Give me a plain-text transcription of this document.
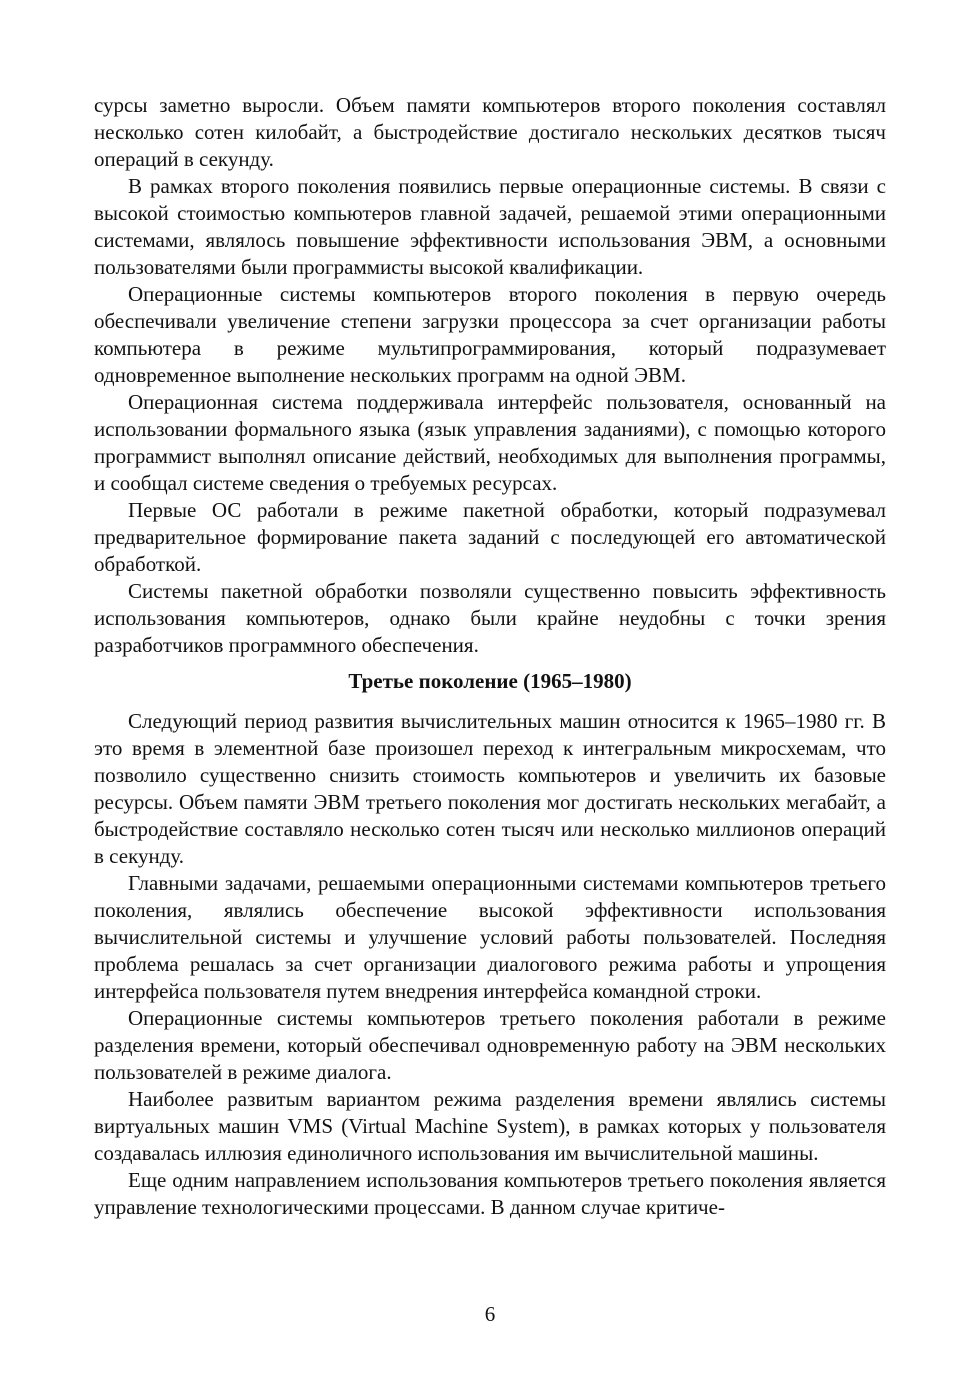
сурсы заметно выросли. Объем памяти компьютеров второго поколения составлял несколько сотен килобайт, а быстродействие достигало нескольких десятков тысяч операций в секунду.

В рамках второго поколения появились первые операционные системы. В связи с высокой стоимостью компьютеров главной задачей, решаемой этими операционными системами, являлось повышение эффективности использования ЭВМ, а основными пользователями были программисты высокой квалификации.

Операционные системы компьютеров второго поколения в первую очередь обеспечивали увеличение степени загрузки процессора за счет организации работы компьютера в режиме мультипрограммирования, который подразумевает одновременное выполнение нескольких программ на одной ЭВМ.

Операционная система поддерживала интерфейс пользователя, основанный на использовании формального языка (язык управления заданиями), с помощью которого программист выполнял описание действий, необходимых для выполнения программы, и сообщал системе сведения о требуемых ресурсах.

Первые ОС работали в режиме пакетной обработки, который подразумевал предварительное формирование пакета заданий с последующей его автоматической обработкой.

Системы пакетной обработки позволяли существенно повысить эффективность использования компьютеров, однако были крайне неудобны с точки зрения разработчиков программного обеспечения.

Третье поколение (1965–1980)

Следующий период развития вычислительных машин относится к 1965–1980 гг. В это время в элементной базе произошел переход к интегральным микросхемам, что позволило существенно снизить стоимость компьютеров и увеличить их базовые ресурсы. Объем памяти ЭВМ третьего поколения мог достигать нескольких мегабайт, а быстродействие составляло несколько сотен тысяч или несколько миллионов операций в секунду.

Главными задачами, решаемыми операционными системами компьютеров третьего поколения, являлись обеспечение высокой эффективности использования вычислительной системы и улучшение условий работы пользователей. Последняя проблема решалась за счет организации диалогового режима работы и упрощения интерфейса пользователя путем внедрения интерфейса командной строки.

Операционные системы компьютеров третьего поколения работали в режиме разделения времени, который обеспечивал одновременную работу на ЭВМ нескольких пользователей в режиме диалога.

Наиболее развитым вариантом режима разделения времени являлись системы виртуальных машин VMS (Virtual Machine System), в рамках которых у пользователя создавалась иллюзия единоличного использования им вычислительной машины.

Еще одним направлением использования компьютеров третьего поколения является управление технологическими процессами. В данном случае критиче-

6
